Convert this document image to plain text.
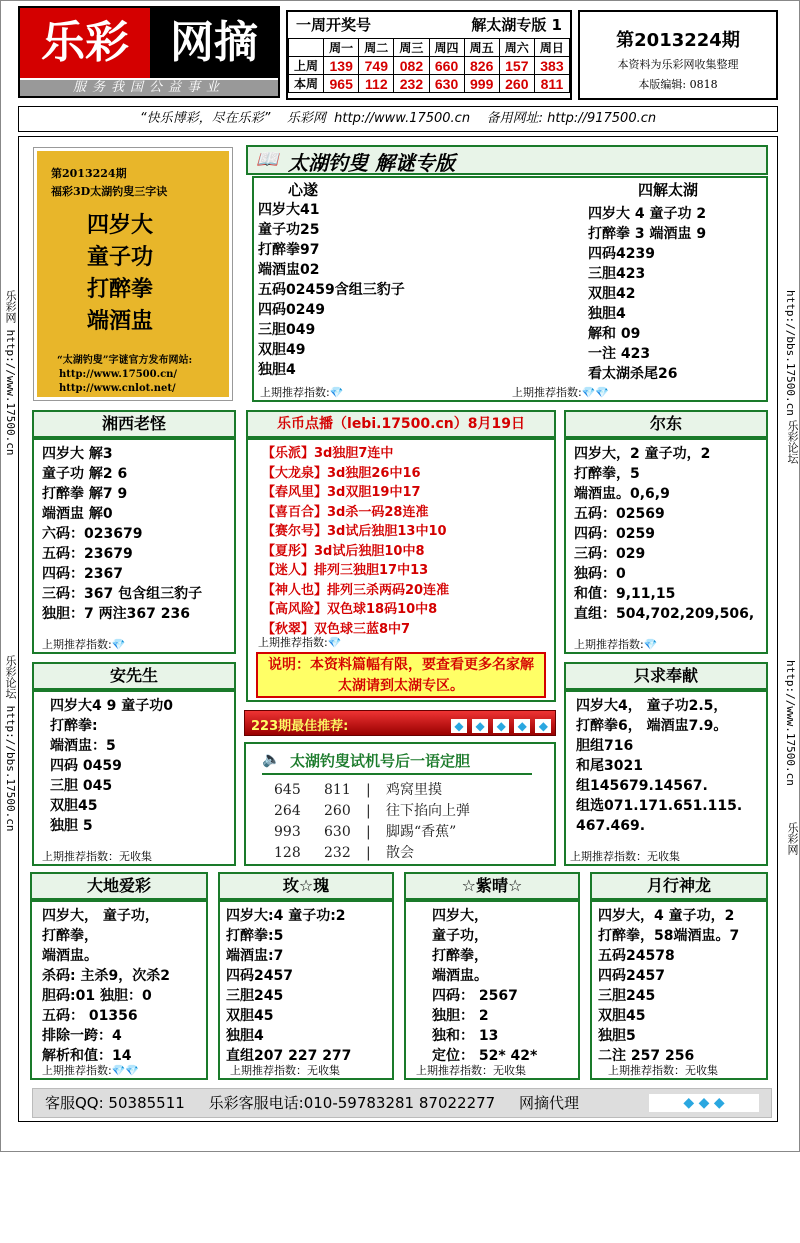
乐彩 网摘
服务我国公益事业
一周开奖号	解太湖专版 1
	周一	周二	周三	周四	周五	周六	周日
上周	139	749	082	660	826	157	383
本周	965	112	232	630	999	260	811
第2013224期
本资料为乐彩网收集整理
本版编辑: 0818
“快乐博彩，尽在乐彩” 乐彩网 http://www.17500.cn 备用网址: http://917500.cn
乐彩网 http://www.17500.cn
乐彩论坛 http://bbs.17500.cn
http://bbs.17500.cn
乐彩论坛
http://www.17500.cn
乐彩网
第2013224期
福彩3D太湖钓叟三字诀
四岁大
童子功
打醉拳
端酒盅
“太湖钓叟”字谜官方发布网站:
http://www.17500.cn/
http://www.cnlot.net/
📖 太湖钓叟 解谜专版
心遂
四岁大41
童子功25
打醉拳97
端酒盅02
五码02459含组三豹子
四码0249
三胆049
双胆49
独胆4
上期推荐指数:💎
四解太湖
四岁大 4 童子功 2
打醉拳 3 端酒盅 9
四码4239
三胆423
双胆42
独胆4
解和 09
一注 423
看太湖杀尾26
上期推荐指数:💎💎
湘西老怪
四岁大 解3
童子功 解2 6
打醉拳 解7 9
端酒盅 解0
六码：023679
五码：23679
四码：2367
三码：367 包含组三豹子
独胆：7 两注367 236
上期推荐指数:💎
乐币点播（lebi.17500.cn）8月19日
【乐派】3d独胆7连中
【大龙泉】3d独胆26中16
【春风里】3d双胆19中17
【喜百合】3d杀一码28连准
【赛尔号】3d试后独胆13中10
【夏彤】3d试后独胆10中8
【迷人】排列三独胆17中13
【神人也】排列三杀两码20连准
【高风险】双色球18码10中8
【秋翠】双色球三蓝8中7
上期推荐指数:💎
说明：本资料篇幅有限，要查看更多名家解太湖请到太湖专区。
尔东
四岁大，2 童子功，2
打醉拳，5
端酒盅。0,6,9
五码：02569
四码：0259
三码：029
独码：0
和值：9,11,15
直组：504,702,209,506,
上期推荐指数:💎
安先生
四岁大4 9 童子功0
打醉拳:
端酒盅：5
四码 0459
三胆 045
双胆45
独胆 5
上期推荐指数：无收集
223期最佳推荐:	◆ ◆ ◆ ◆ ◆
🔈 太湖钓叟试机号后一语定胆
645 811 | 鸡窝里摸
264 260 | 往下掐向上弹
993 630 | 脚踢“香蕉”
128 232 | 散会
只求奉献
四岁大4， 童子功2.5，
打醉拳6， 端酒盅7.9。
胆组716
和尾3021
组145679.14567.
组选071.171.651.115.
467.469.
上期推荐指数：无收集
大地爱彩
四岁大， 童子功，
打醉拳，
端酒盅。
杀码: 主杀9，次杀2
胆码:01 独胆：0
五码： 01356
排除一跨：4
解析和值：14
上期推荐指数:💎💎
玫☆瑰
四岁大:4 童子功:2
打醉拳:5
端酒盅:7
四码2457
三胆245
双胆45
独胆4
直组207 227 277
上期推荐指数：无收集
☆紫晴☆
四岁大，
童子功，
打醉拳，
端酒盅。
四码： 2567
独胆： 2
独和： 13
定位： 52* 42*
上期推荐指数：无收集
月行神龙
四岁大，4 童子功，2
打醉拳，58端酒盅。7
五码24578
四码2457
三胆245
双胆45
独胆5
二注 257 256
上期推荐指数：无收集
客服QQ: 50385511 乐彩客服电话:010-59783281 87022277 网摘代理	◆ ◆ ◆
